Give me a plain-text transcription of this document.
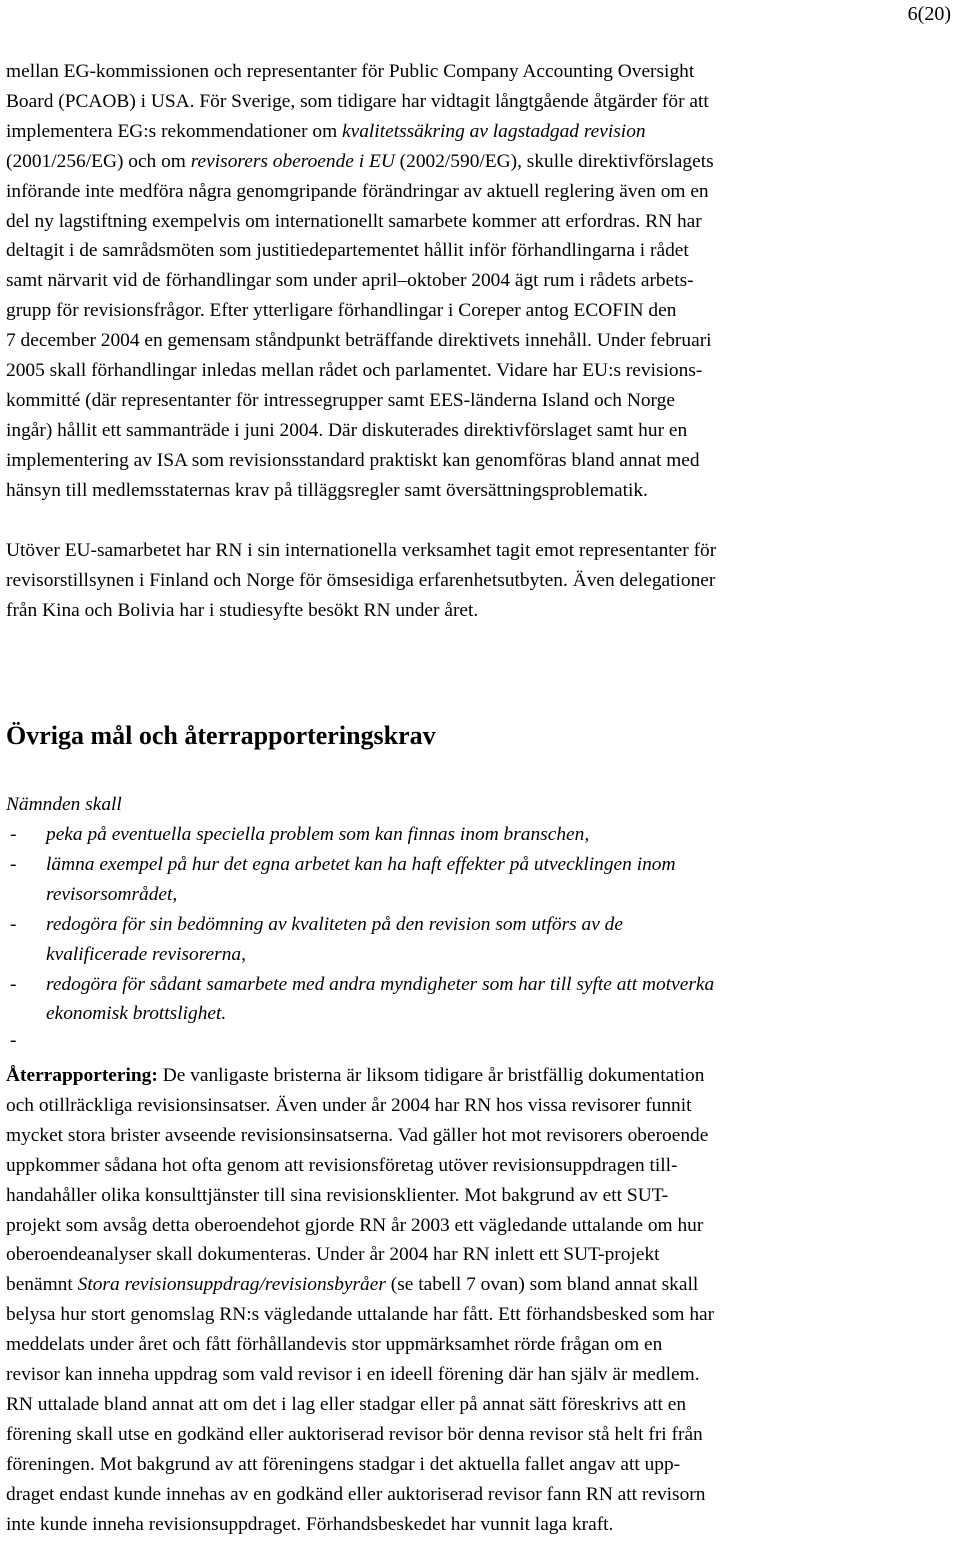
6(20)

mellan EG-kommissionen och representanter för Public Company Accounting Oversight
Board (PCAOB) i USA. För Sverige, som tidigare har vidtagit långtgående åtgärder för att
implementera EG:s rekommendationer om kvalitetssäkring av lagstadgad revision
(2001/256/EG) och om revisorers oberoende i EU (2002/590/EG), skulle direktivförslagets
införande inte medföra några genomgripande förändringar av aktuell reglering även om en
del ny lagstiftning exempelvis om internationellt samarbete kommer att erfordras. RN har
deltagit i de samrådsmöten som justitiedepartementet hållit inför förhandlingarna i rådet
samt närvarit vid de förhandlingar som under april–oktober 2004 ägt rum i rådets arbets-
grupp för revisionsfrågor. Efter ytterligare förhandlingar i Coreper antog ECOFIN den
7 december 2004 en gemensam ståndpunkt beträffande direktivets innehåll. Under februari
2005 skall förhandlingar inledas mellan rådet och parlamentet. Vidare har EU:s revisions-
kommitté (där representanter för intressegrupper samt EES-länderna Island och Norge
ingår) hållit ett sammanträde i juni 2004. Där diskuterades direktivförslaget samt hur en
implementering av ISA som revisionsstandard praktiskt kan genomföras bland annat med
hänsyn till medlemsstaternas krav på tilläggsregler samt översättningsproblematik.

Utöver EU-samarbetet har RN i sin internationella verksamhet tagit emot representanter för
revisorstillsynen i Finland och Norge för ömsesidiga erfarenhetsutbyten. Även delegationer
från Kina och Bolivia har i studiesyfte besökt RN under året.

Övriga mål och återrapporteringskrav
Nämnden skall
- peka på eventuella speciella problem som kan finnas inom branschen,
- lämna exempel på hur det egna arbetet kan ha haft effekter på utvecklingen inom
revisorsområdet,
- redogöra för sin bedömning av kvaliteten på den revision som utförs av de
kvalificerade revisorerna,
- redogöra för sådant samarbete med andra myndigheter som har till syfte att motverka
ekonomisk brottslighet.
-

Återrapportering: De vanligaste bristerna är liksom tidigare år bristfällig dokumentation
och otillräckliga revisionsinsatser. Även under år 2004 har RN hos vissa revisorer funnit
mycket stora brister avseende revisionsinsatserna. Vad gäller hot mot revisorers oberoende
uppkommer sådana hot ofta genom att revisionsföretag utöver revisionsuppdragen till-
handahåller olika konsulttjänster till sina revisionsklienter. Mot bakgrund av ett SUT-
projekt som avsåg detta oberoendehot gjorde RN år 2003 ett vägledande uttalande om hur
oberoendeanalyser skall dokumenteras. Under år 2004 har RN inlett ett SUT-projekt
benämnt Stora revisionsuppdrag/revisionsbyråer (se tabell 7 ovan) som bland annat skall
belysa hur stort genomslag RN:s vägledande uttalande har fått. Ett förhandsbesked som har
meddelats under året och fått förhållandevis stor uppmärksamhet rörde frågan om en
revisor kan inneha uppdrag som vald revisor i en ideell förening där han själv är medlem.
RN uttalade bland annat att om det i lag eller stadgar eller på annat sätt föreskrivs att en
förening skall utse en godkänd eller auktoriserad revisor bör denna revisor stå helt fri från
föreningen. Mot bakgrund av att föreningens stadgar i det aktuella fallet angav att upp-
draget endast kunde innehas av en godkänd eller auktoriserad revisor fann RN att revisorn
inte kunde inneha revisionsuppdraget. Förhandsbeskedet har vunnit laga kraft.
